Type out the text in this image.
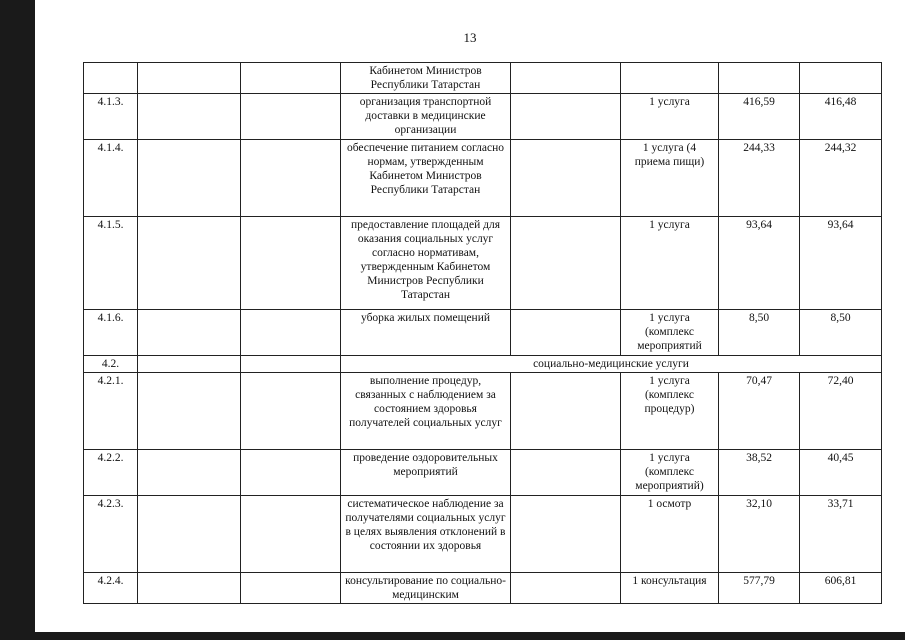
13
			Кабинетом Министров Республики Татарстан				
4.1.3.			организация транспортной доставки в медицинские организации		1 услуга	416,59	416,48
4.1.4.			обеспечение питанием согласно нормам, утвержденным Кабинетом Министров Республики Татарстан		1 услуга (4 приема пищи)	244,33	244,32
4.1.5.			предоставление площадей для оказания социальных услуг согласно нормативам, утвержденным Кабинетом Министров Республики Татарстан		1 услуга	93,64	93,64
4.1.6.			уборка жилых помещений		1 услуга (комплекс мероприятий	8,50	8,50
4.2.			социально-медицинские услуги				
4.2.1.			выполнение процедур, связанных с наблюдением за состоянием здоровья получателей социальных услуг		1 услуга (комплекс процедур)	70,47	72,40
4.2.2.			проведение оздоровительных мероприятий		1 услуга (комплекс мероприятий)	38,52	40,45
4.2.3.			систематическое наблюдение за получателями социальных услуг в целях выявления отклонений в состоянии их здоровья		1 осмотр	32,10	33,71
4.2.4.			консультирование по социально-медицинским		1 консультация	577,79	606,81
